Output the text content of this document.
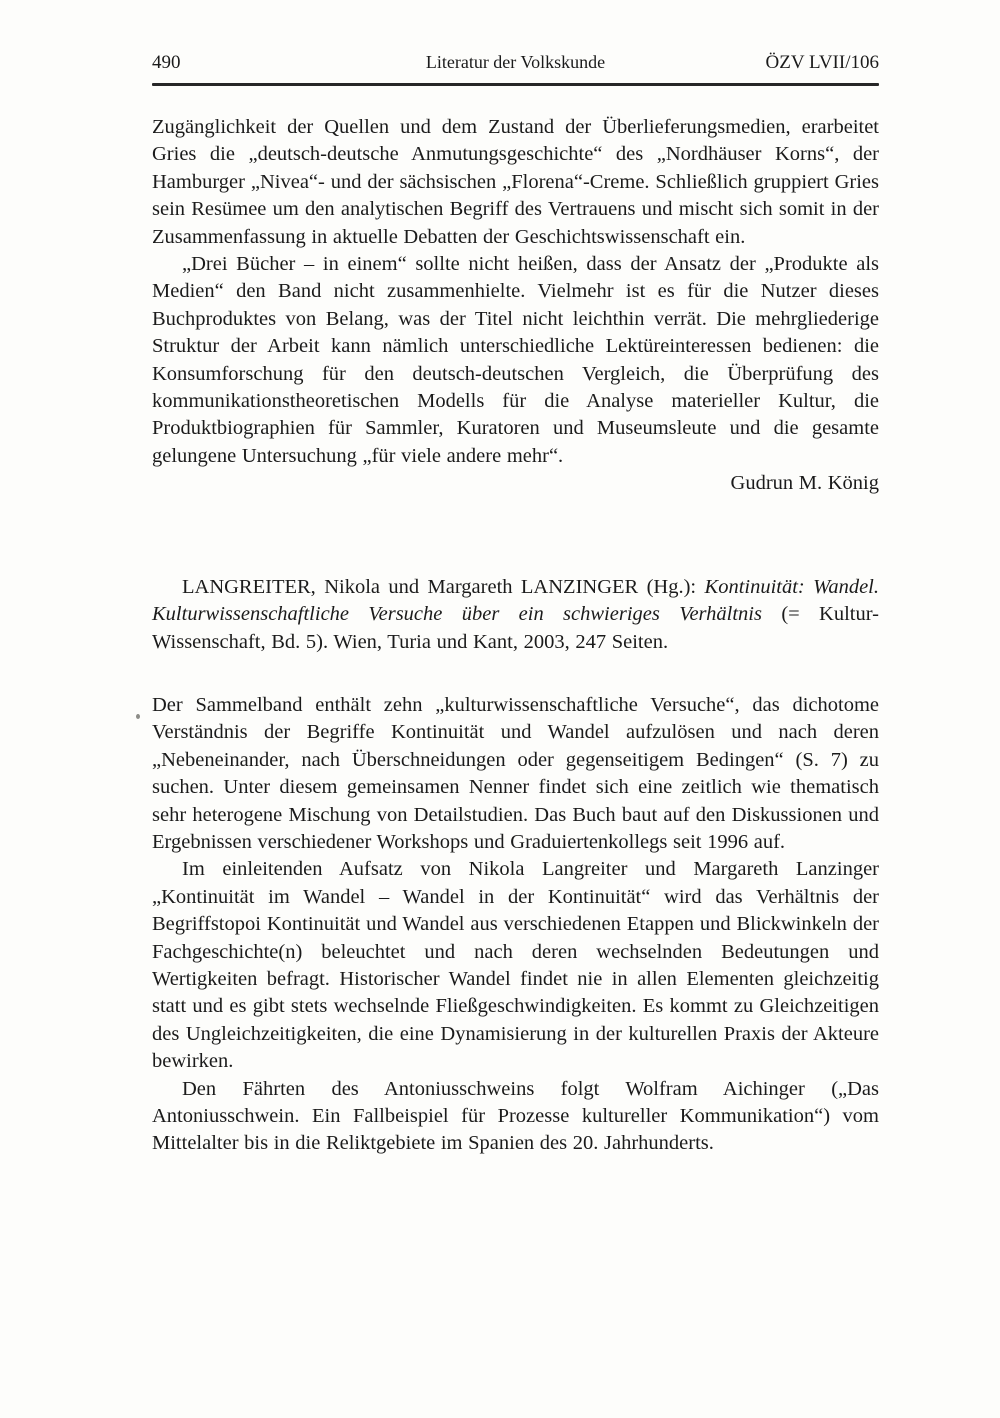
490	Literatur der Volkskunde	ÖZV LVII/106

Zugänglichkeit der Quellen und dem Zustand der Überlieferungsmedien, erarbeitet Gries die „deutsch-deutsche Anmutungsgeschichte“ des „Nordhäuser Korns“, der Hamburger „Nivea“- und der sächsischen „Florena“-Creme. Schließlich gruppiert Gries sein Resümee um den analytischen Begriff des Vertrauens und mischt sich somit in der Zusammenfassung in aktuelle Debatten der Geschichtswissenschaft ein.

„Drei Bücher – in einem“ sollte nicht heißen, dass der Ansatz der „Produkte als Medien“ den Band nicht zusammenhielte. Vielmehr ist es für die Nutzer dieses Buchproduktes von Belang, was der Titel nicht leichthin verrät. Die mehrgliederige Struktur der Arbeit kann nämlich unterschiedliche Lektüreinteressen bedienen: die Konsumforschung für den deutsch-deutschen Vergleich, die Überprüfung des kommunikationstheoretischen Modells für die Analyse materieller Kultur, die Produktbiographien für Sammler, Kuratoren und Museumsleute und die gesamte gelungene Untersuchung „für viele andere mehr“.

Gudrun M. König

LANGREITER, Nikola und Margareth LANZINGER (Hg.): Kontinuität: Wandel. Kulturwissenschaftliche Versuche über ein schwieriges Verhältnis (= Kultur-Wissenschaft, Bd. 5). Wien, Turia und Kant, 2003, 247 Seiten.

Der Sammelband enthält zehn „kulturwissenschaftliche Versuche“, das dichotome Verständnis der Begriffe Kontinuität und Wandel aufzulösen und nach deren „Nebeneinander, nach Überschneidungen oder gegenseitigem Bedingen“ (S. 7) zu suchen. Unter diesem gemeinsamen Nenner findet sich eine zeitlich wie thematisch sehr heterogene Mischung von Detailstudien. Das Buch baut auf den Diskussionen und Ergebnissen verschiedener Workshops und Graduiertenkollegs seit 1996 auf.

Im einleitenden Aufsatz von Nikola Langreiter und Margareth Lanzinger „Kontinuität im Wandel – Wandel in der Kontinuität“ wird das Verhältnis der Begriffstopoi Kontinuität und Wandel aus verschiedenen Etappen und Blickwinkeln der Fachgeschichte(n) beleuchtet und nach deren wechselnden Bedeutungen und Wertigkeiten befragt. Historischer Wandel findet nie in allen Elementen gleichzeitig statt und es gibt stets wechselnde Fließgeschwindigkeiten. Es kommt zu Gleichzeitigen des Ungleichzeitigkeiten, die eine Dynamisierung in der kulturellen Praxis der Akteure bewirken.

Den Fährten des Antoniusschweins folgt Wolfram Aichinger („Das Antoniusschwein. Ein Fallbeispiel für Prozesse kultureller Kommunikation“) vom Mittelalter bis in die Reliktgebiete im Spanien des 20. Jahrhunderts.
